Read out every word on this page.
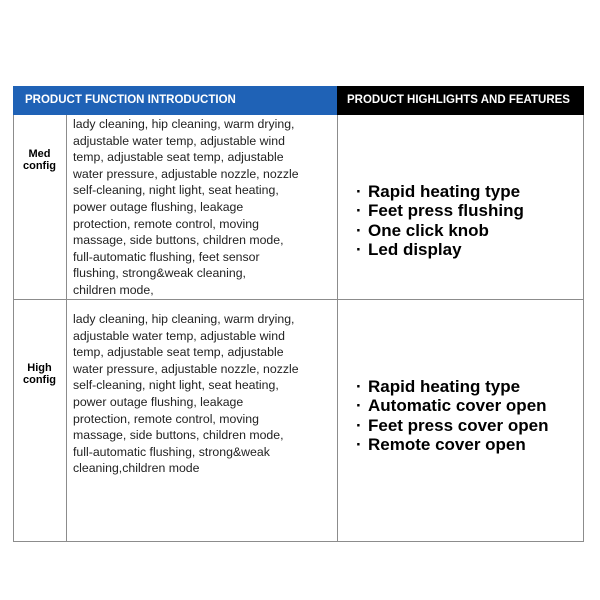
PRODUCT FUNCTION INTRODUCTION	PRODUCT HIGHLIGHTS AND FEATURES
Med
config
lady cleaning, hip cleaning, warm drying,
adjustable water temp, adjustable wind
temp, adjustable seat temp, adjustable
water pressure, adjustable nozzle, nozzle
self-cleaning, night light, seat heating,
power outage flushing, leakage
protection, remote control, moving
massage, side buttons, children mode,
full-automatic flushing, feet sensor
flushing, strong&weak cleaning,
children mode,
· Rapid heating type
· Feet press flushing
· One click knob
· Led display
High
config
lady cleaning, hip cleaning, warm drying,
adjustable water temp, adjustable wind
temp, adjustable seat temp, adjustable
water pressure, adjustable nozzle, nozzle
self-cleaning, night light, seat heating,
power outage flushing, leakage
protection, remote control, moving
massage, side buttons, children mode,
full-automatic flushing, strong&weak
cleaning,children mode
· Rapid heating type
· Automatic cover open
· Feet press cover open
· Remote cover open
